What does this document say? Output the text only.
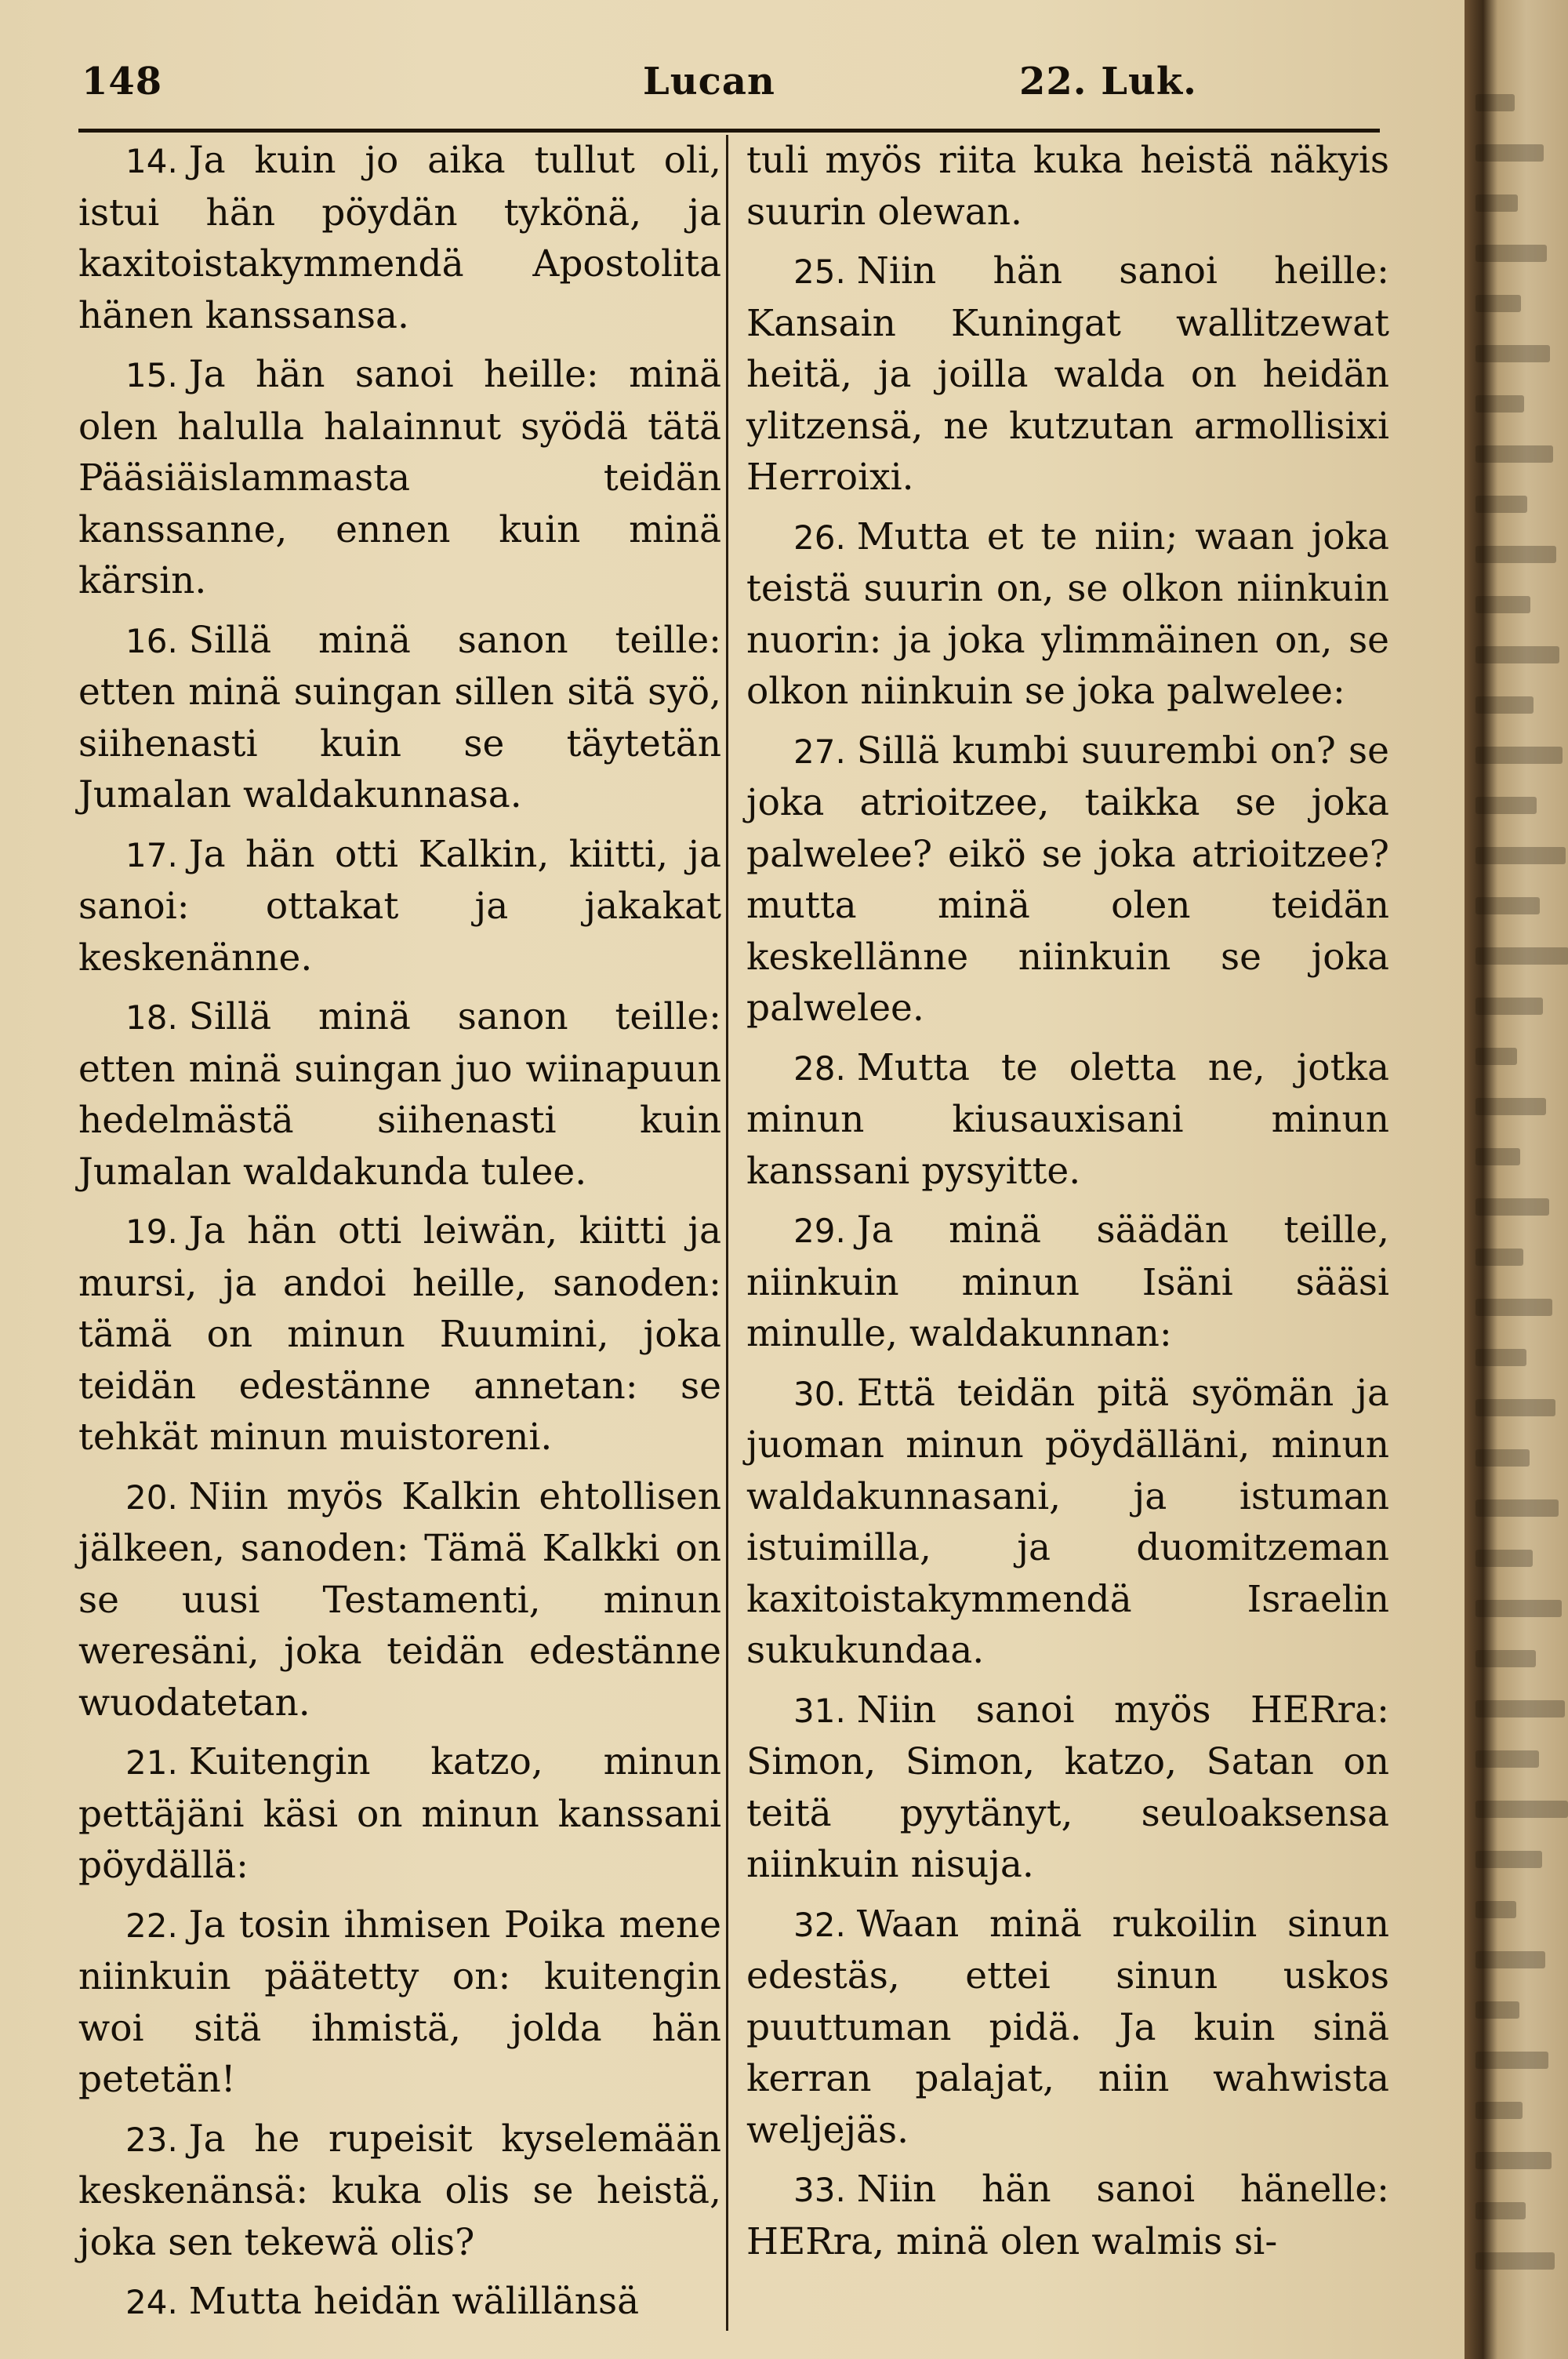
148	Lucan	22. Luk.

14. Ja kuin jo aika tullut oli, istui hän pöydän tykönä, ja kaxitoistakymmendä Apostolita hänen kanssansa.

15. Ja hän sanoi heille: minä olen halulla halainnut syödä tätä Pääsiäislammasta teidän kanssanne, ennen kuin minä kärsin.

16. Sillä minä sanon teille: etten minä suingan sillen sitä syö, siihenasti kuin se täytetän Jumalan waldakunnasa.

17. Ja hän otti Kalkin, kiitti, ja sanoi: ottakat ja jakakat keskenänne.

18. Sillä minä sanon teille: etten minä suingan juo wiinapuun hedelmästä siihenasti kuin Jumalan waldakunda tulee.

19. Ja hän otti leiwän, kiitti ja mursi, ja andoi heille, sanoden: tämä on minun Ruumini, joka teidän edestänne annetan: se tehkät minun muistoreni.

20. Niin myös Kalkin ehtollisen jälkeen, sanoden: Tämä Kalkki on se uusi Testamenti, minun weresäni, joka teidän edestänne wuodatetan.

21. Kuitengin katzo, minun pettäjäni käsi on minun kanssani pöydällä:

22. Ja tosin ihmisen Poika mene niinkuin päätetty on: kuitengin woi sitä ihmistä, jolda hän petetän!

23. Ja he rupeisit kyselemään keskenänsä: kuka olis se heistä, joka sen tekewä olis?

24. Mutta heidän wälillänsä

tuli myös riita kuka heistä näkyis suurin olewan.

25. Niin hän sanoi heille: Kansain Kuningat wallitzewat heitä, ja joilla walda on heidän ylitzensä, ne kutzutan armollisixi Herroixi.

26. Mutta et te niin; waan joka teistä suurin on, se olkon niinkuin nuorin: ja joka ylimmäinen on, se olkon niinkuin se joka palwelee:

27. Sillä kumbi suurembi on? se joka atrioitzee, taikka se joka palwelee? eikö se joka atrioitzee? mutta minä olen teidän keskellänne niinkuin se joka palwelee.

28. Mutta te oletta ne, jotka minun kiusauxisani minun kanssani pysyitte.

29. Ja minä säädän teille, niinkuin minun Isäni sääsi minulle, waldakunnan:

30. Että teidän pitä syömän ja juoman minun pöydälläni, minun waldakunnasani, ja istuman istuimilla, ja duomitzeman kaxitoistakymmendä Israelin sukukundaa.

31. Niin sanoi myös HERra: Simon, Simon, katzo, Satan on teitä pyytänyt, seuloaksensa niinkuin nisuja.

32. Waan minä rukoilin sinun edestäs, ettei sinun uskos puuttuman pidä. Ja kuin sinä kerran palajat, niin wahwista weljejäs.

33. Niin hän sanoi hänelle: HERra, minä olen walmis si-
